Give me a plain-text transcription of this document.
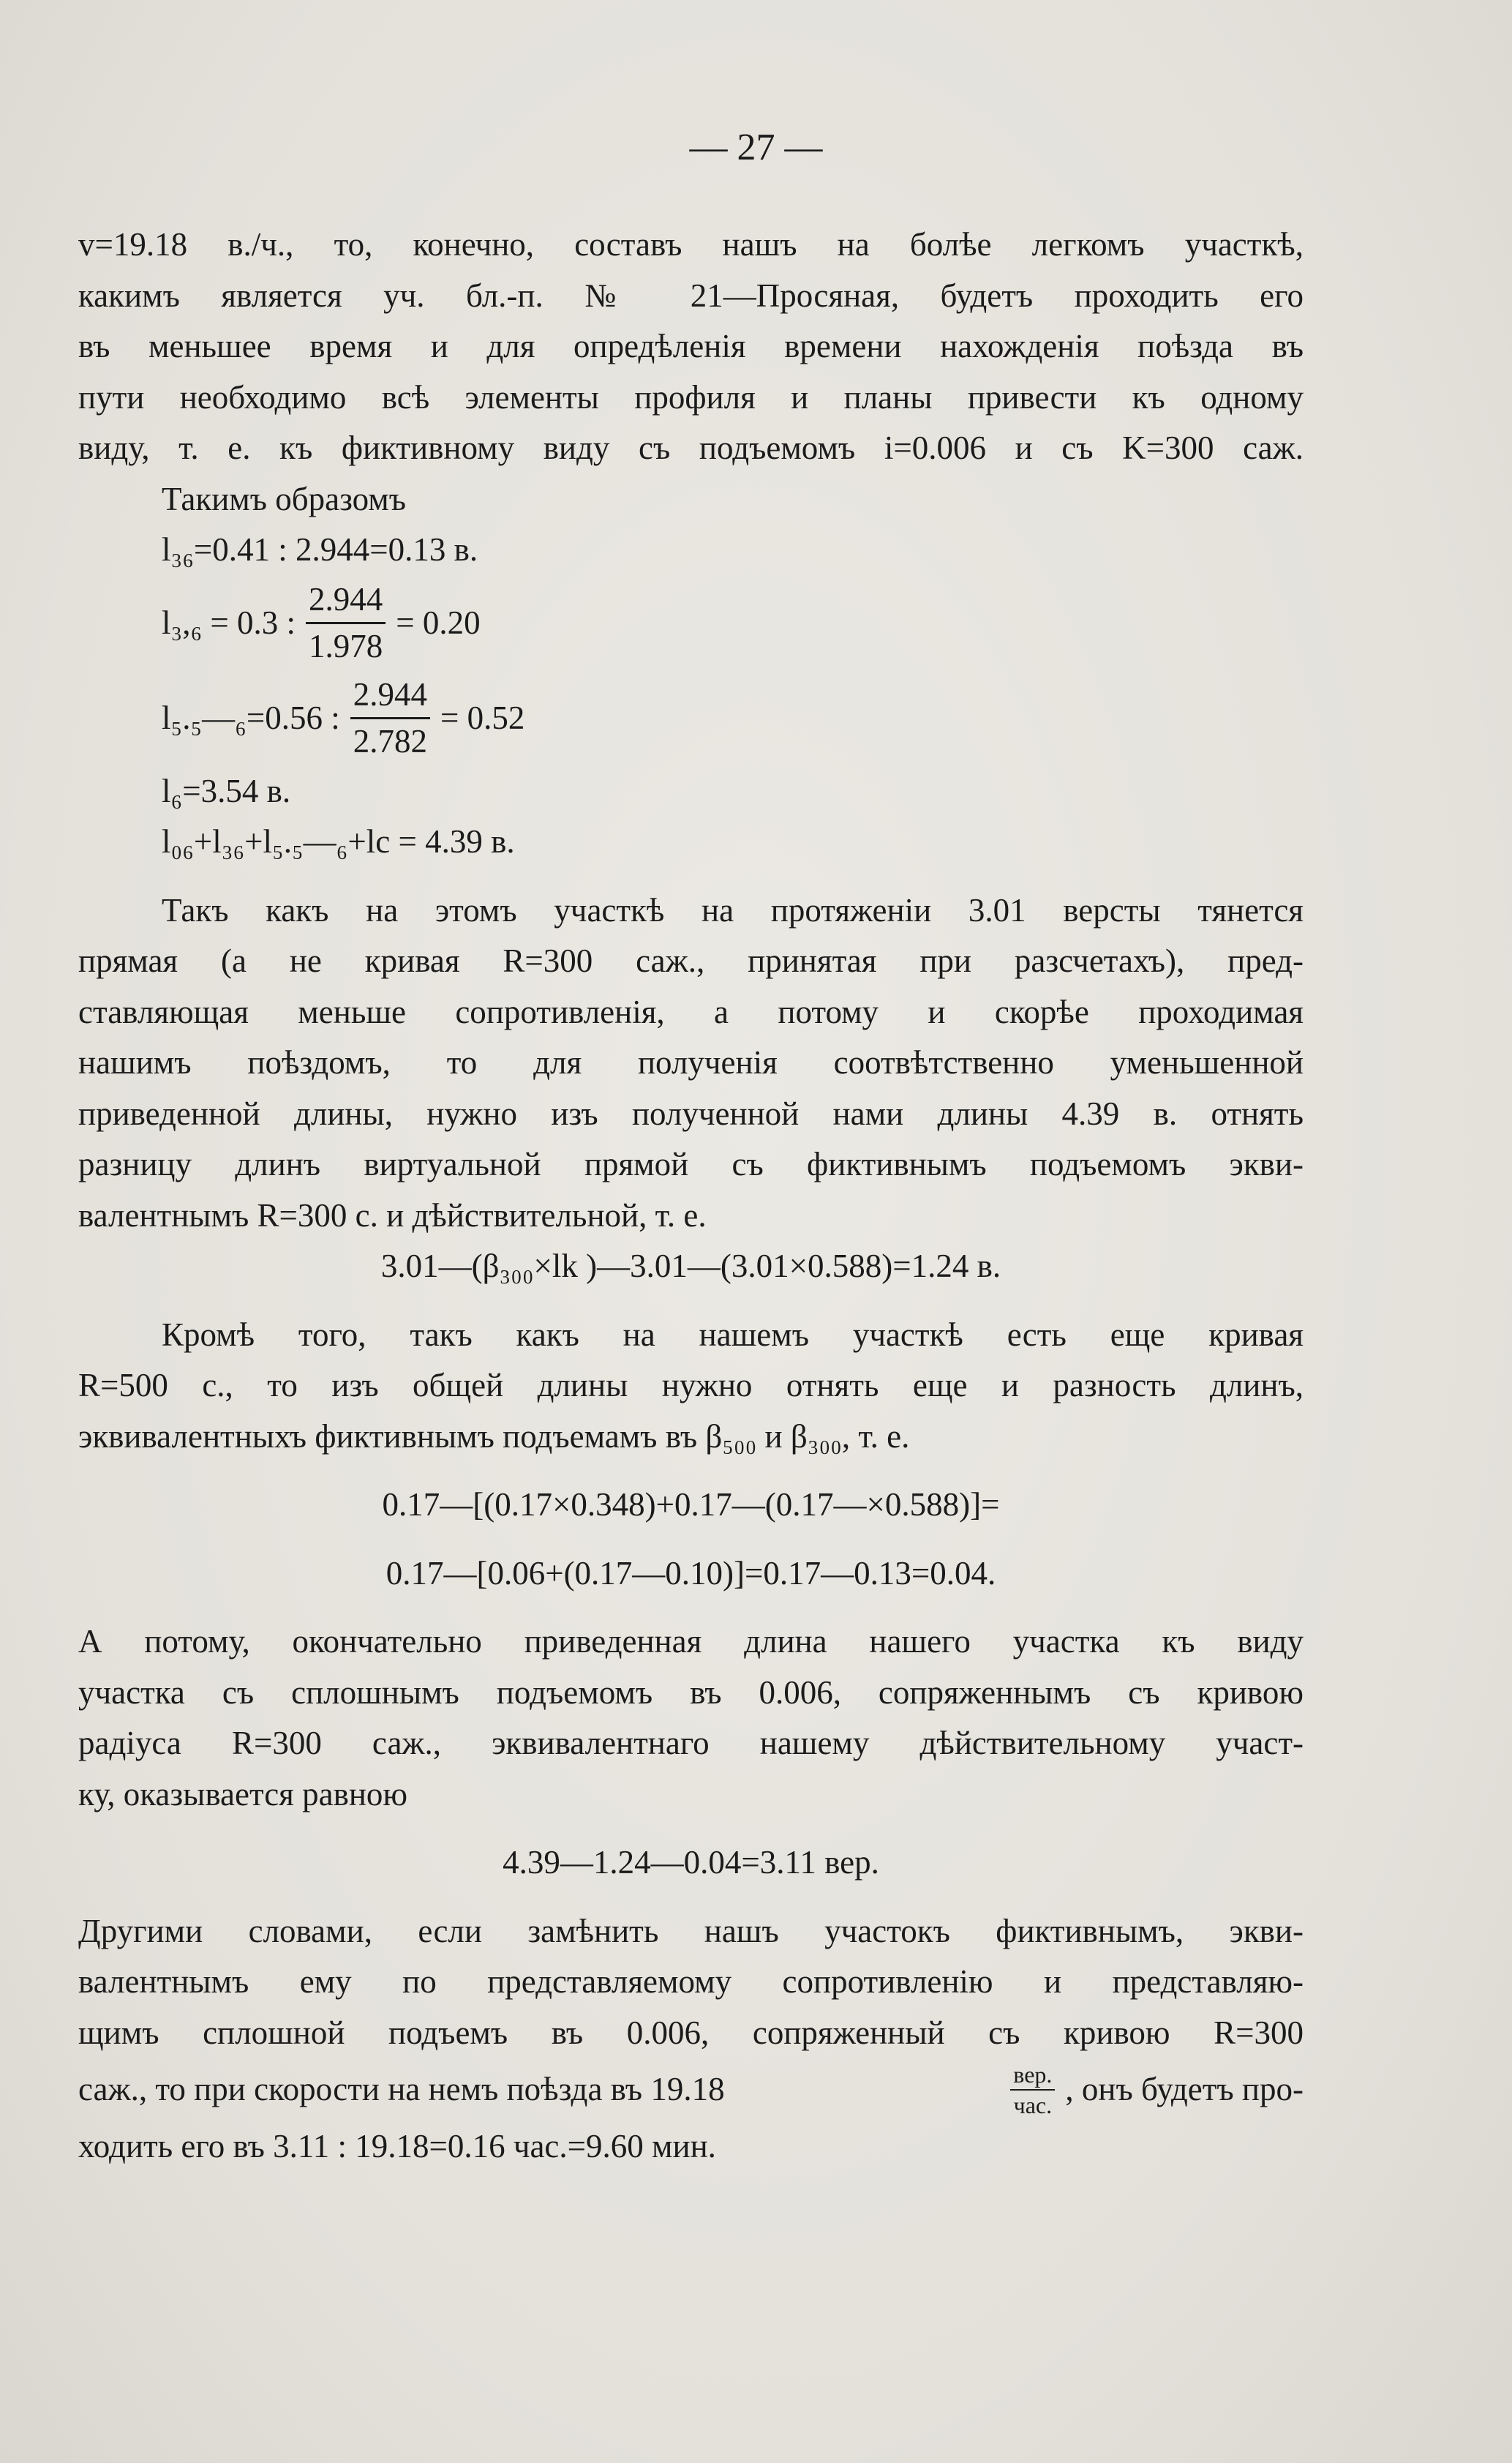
— 27 —
v=19.18 в./ч., то, конечно, составъ нашъ на болѣе легкомъ участкѣ,
какимъ является уч. бл.-п. № 21—Просяная, будетъ проходить его
въ меньшее время и для опредѣленія времени нахожденія поѣзда въ
пути необходимо всѣ элементы профиля и планы привести къ одному
виду, т. е. къ фиктивному виду съ подъемомъ i=0.006 и съ K=300 саж.
Такимъ образомъ
l₃₆=0.41 : 2.944=0.13 в.
l₃,₆ = 0.3 : $\frac{2.944}{1.978} = 0.20$
l₅.₅—₆=0.56 : $\frac{2.944}{2.782} = 0.52$
l₆=3.54 в.
l₀₆+l₃₆+l₅.₅—₆+lc = 4.39 в.
Такъ какъ на этомъ участкѣ на протяженіи 3.01 версты тянется
прямая (а не кривая R=300 саж., принятая при разсчетахъ), пред-
ставляющая меньше сопротивленія, а потому и скорѣе проходимая
нашимъ поѣздомъ, то для полученія соотвѣтственно уменьшенной
приведенной длины, нужно изъ полученной нами длины 4.39 в. отнять
разницу длинъ виртуальной прямой съ фиктивнымъ подъемомъ экви-
валентнымъ R=300 с. и дѣйствительной, т. е.
3.01—(β₃₀₀×lk )—3.01—(3.01×0.588)=1.24 в.
Кромѣ того, такъ какъ на нашемъ участкѣ есть еще кривая
R=500 с., то изъ общей длины нужно отнять еще и разность длинъ,
эквивалентныхъ фиктивнымъ подъемамъ въ β₅₀₀ и β₃₀₀, т. е.
0.17—[(0.17×0.348)+0.17—(0.17—×0.588)]=
0.17—[0.06+(0.17—0.10)]=0.17—0.13=0.04.
А потому, окончательно приведенная длина нашего участка къ виду
участка съ сплошнымъ подъемомъ въ 0.006, сопряженнымъ съ кривою
радіуса R=300 саж., эквивалентнаго нашему дѣйствительному участ-
ку, оказывается равною
4.39—1.24—0.04=3.11 вер.
Другими словами, если замѣнить нашъ участокъ фиктивнымъ, экви-
валентнымъ ему по представляемому сопротивленію и представляю-
щимъ сплошной подъемъ въ 0.006, сопряженный съ кривою R=300
саж., то при скорости на немъ поѣзда въ 19.18	$\frac{\text{вер.}}{\text{час.}}$ , онъ будетъ про-
ходить его въ 3.11 : 19.18=0.16 час.=9.60 мин.
